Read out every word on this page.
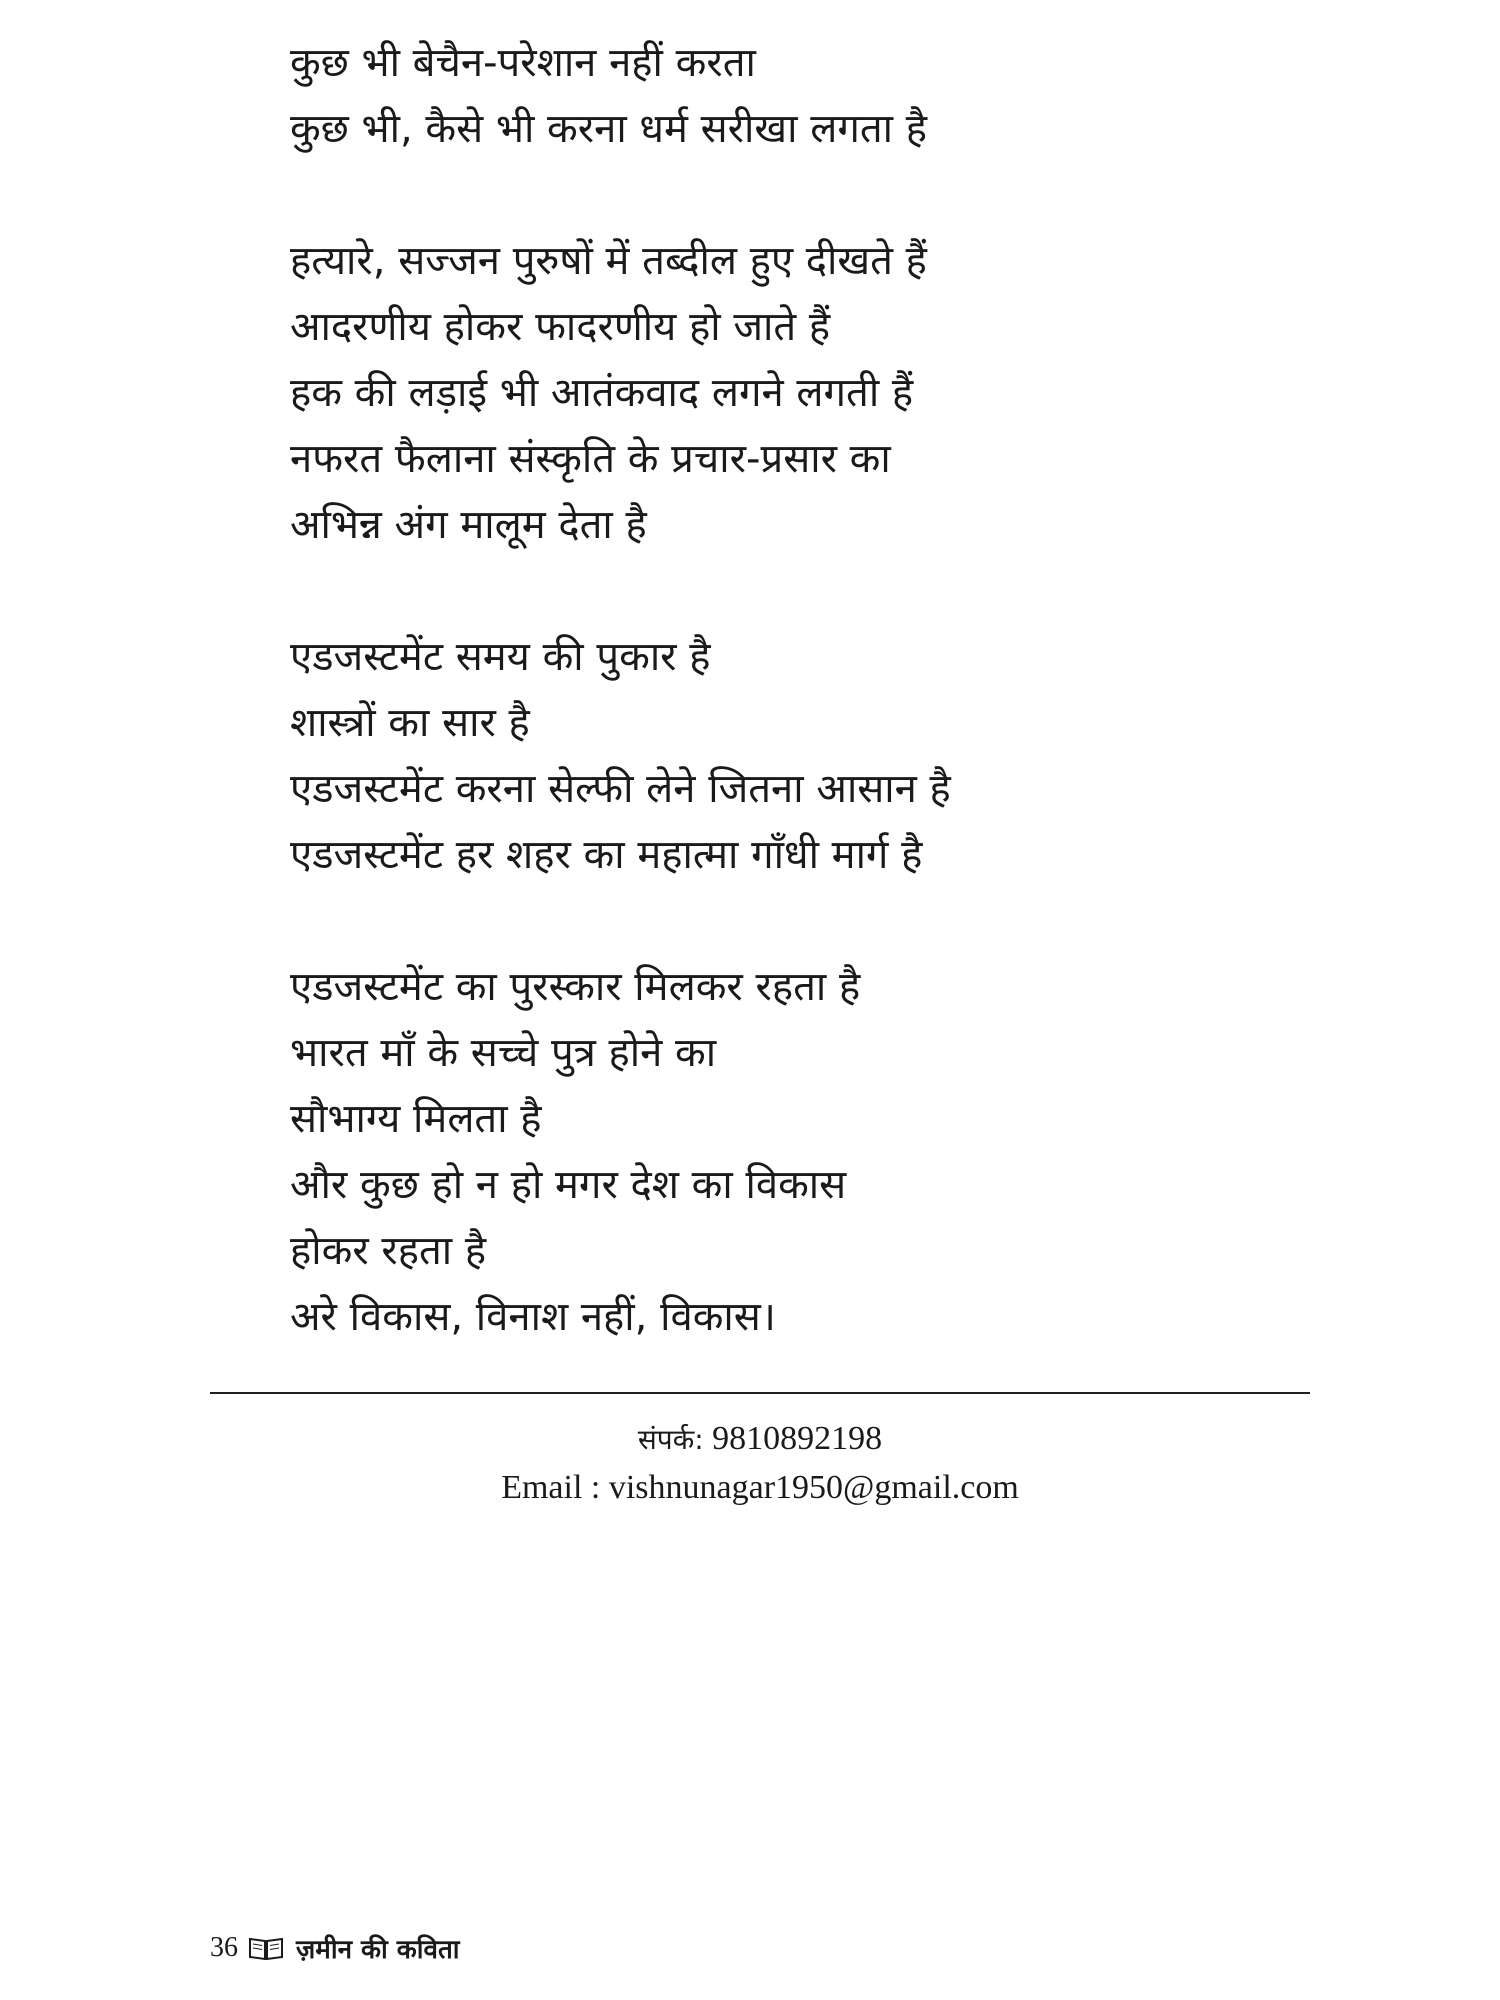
कुछ भी बेचैन-परेशान नहीं करता
कुछ भी, कैसे भी करना धर्म सरीखा लगता है
हत्यारे, सज्जन पुरुषों में तब्दील हुए दीखते हैं
आदरणीय होकर फादरणीय हो जाते हैं
हक की लड़ाई भी आतंकवाद लगने लगती हैं
नफरत फैलाना संस्कृति के प्रचार-प्रसार का
अभिन्न अंग मालूम देता है
एडजस्टमेंट समय की पुकार है
शास्त्रों का सार है
एडजस्टमेंट करना सेल्फी लेने जितना आसान है
एडजस्टमेंट हर शहर का महात्मा गाँधी मार्ग है
एडजस्टमेंट का पुरस्कार मिलकर रहता है
भारत माँ के सच्चे पुत्र होने का
सौभाग्य मिलता है
और कुछ हो न हो मगर देश का विकास
होकर रहता है
अरे विकास, विनाश नहीं, विकास।
संपर्क: 9810892198
Email : vishnunagar1950@gmail.com
36 ज़मीन की कविता
